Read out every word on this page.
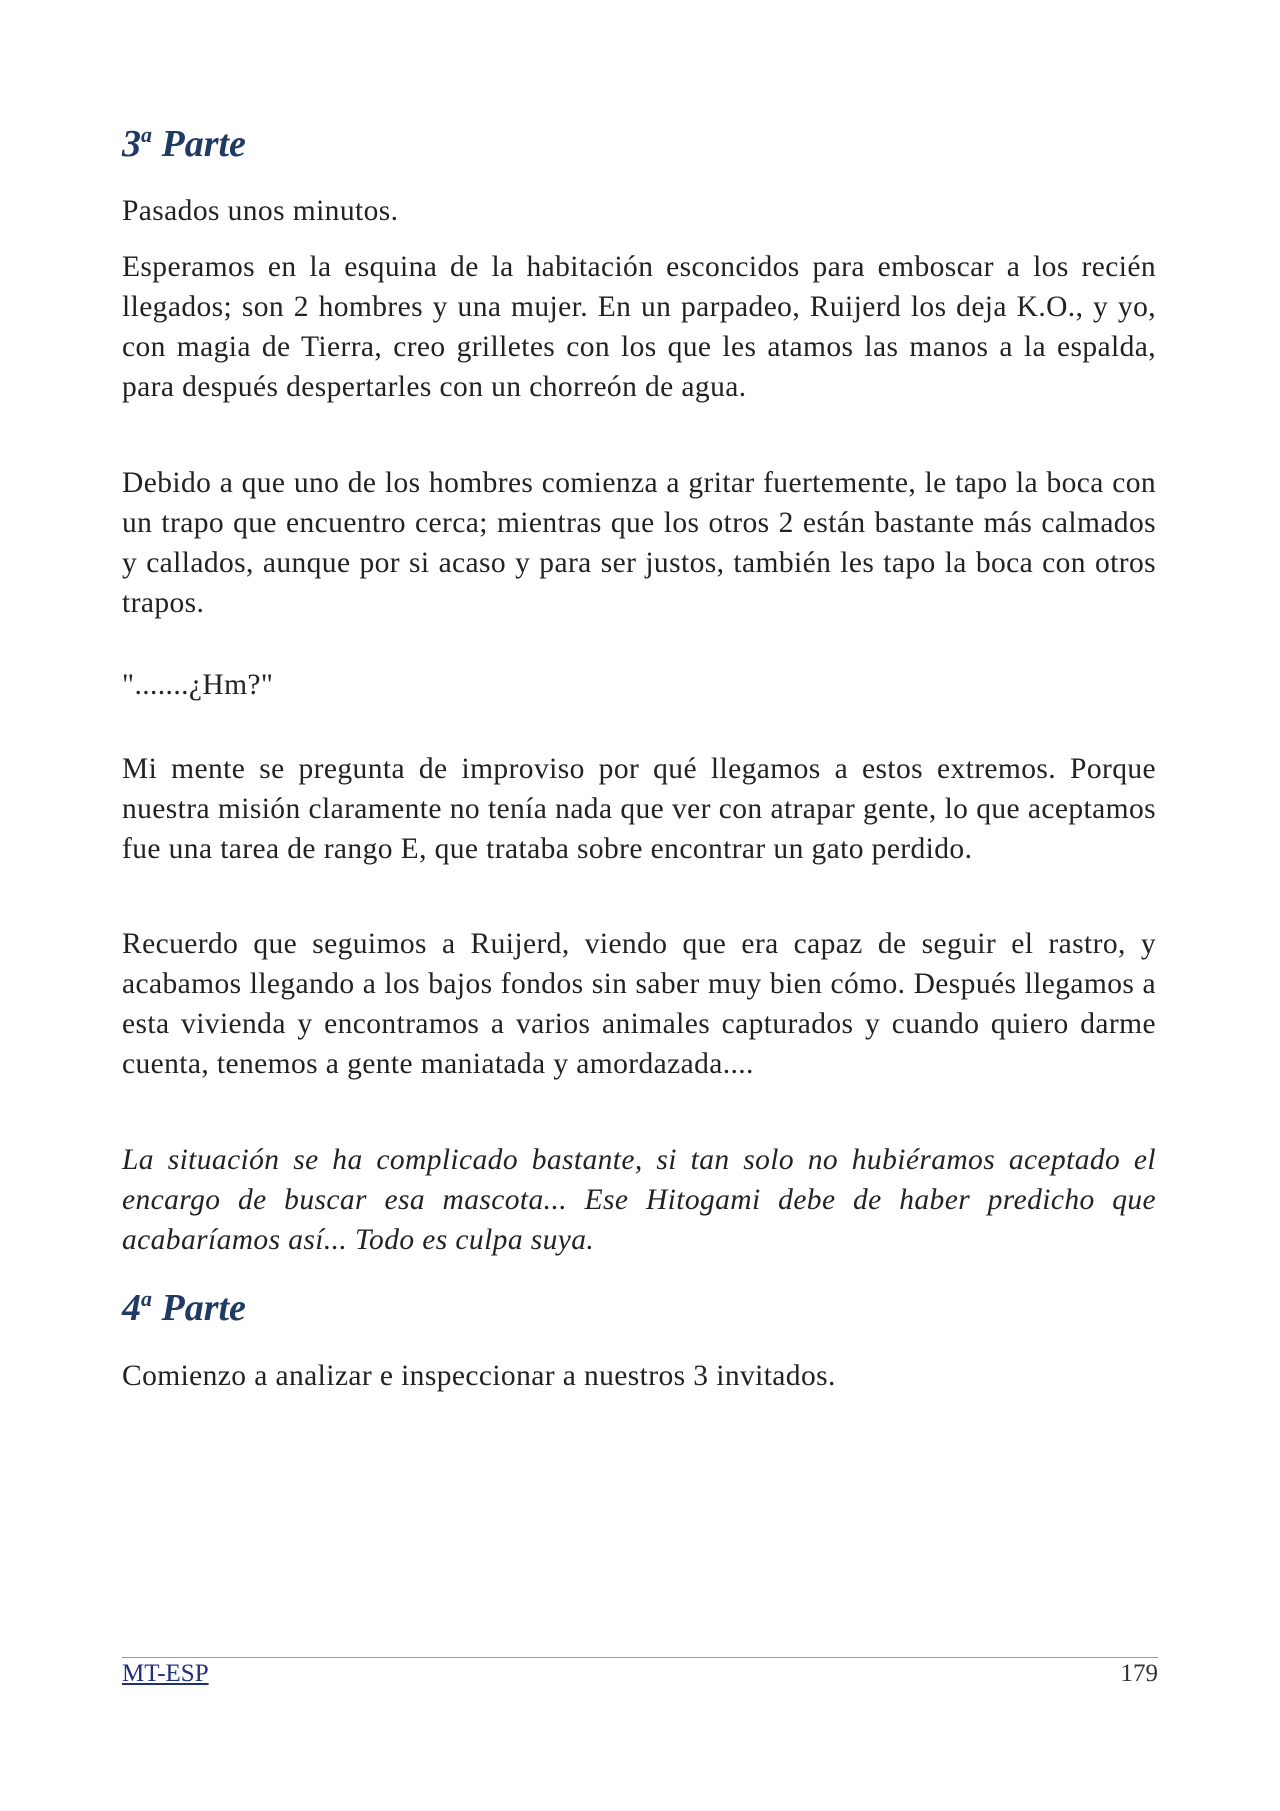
3$^a$ Parte

Pasados unos minutos.

Esperamos en la esquina de la habitación esconcidos para emboscar a los recién llegados; son 2 hombres y una mujer. En un parpadeo, Ruijerd los deja K.O., y yo, con magia de Tierra, creo grilletes con los que les atamos las manos a la espalda, para después despertarles con un chorreón de agua.

Debido a que uno de los hombres comienza a gritar fuertemente, le tapo la boca con un trapo que encuentro cerca; mientras que los otros 2 están bastante más calmados y callados, aunque por si acaso y para ser justos, también les tapo la boca con otros trapos.

".......¿Hm?"

Mi mente se pregunta de improviso por qué llegamos a estos extremos. Porque nuestra misión claramente no tenía nada que ver con atrapar gente, lo que aceptamos fue una tarea de rango E, que trataba sobre encontrar un gato perdido.

Recuerdo que seguimos a Ruijerd, viendo que era capaz de seguir el rastro, y acabamos llegando a los bajos fondos sin saber muy bien cómo. Después llegamos a esta vivienda y encontramos a varios animales capturados y cuando quiero darme cuenta, tenemos a gente maniatada y amordazada....

La situación se ha complicado bastante, si tan solo no hubiéramos aceptado el encargo de buscar esa mascota... Ese Hitogami debe de haber predicho que acabaríamos así... Todo es culpa suya.

4$^a$ Parte

Comienzo a analizar e inspeccionar a nuestros 3 invitados.

MT-ESP	179
